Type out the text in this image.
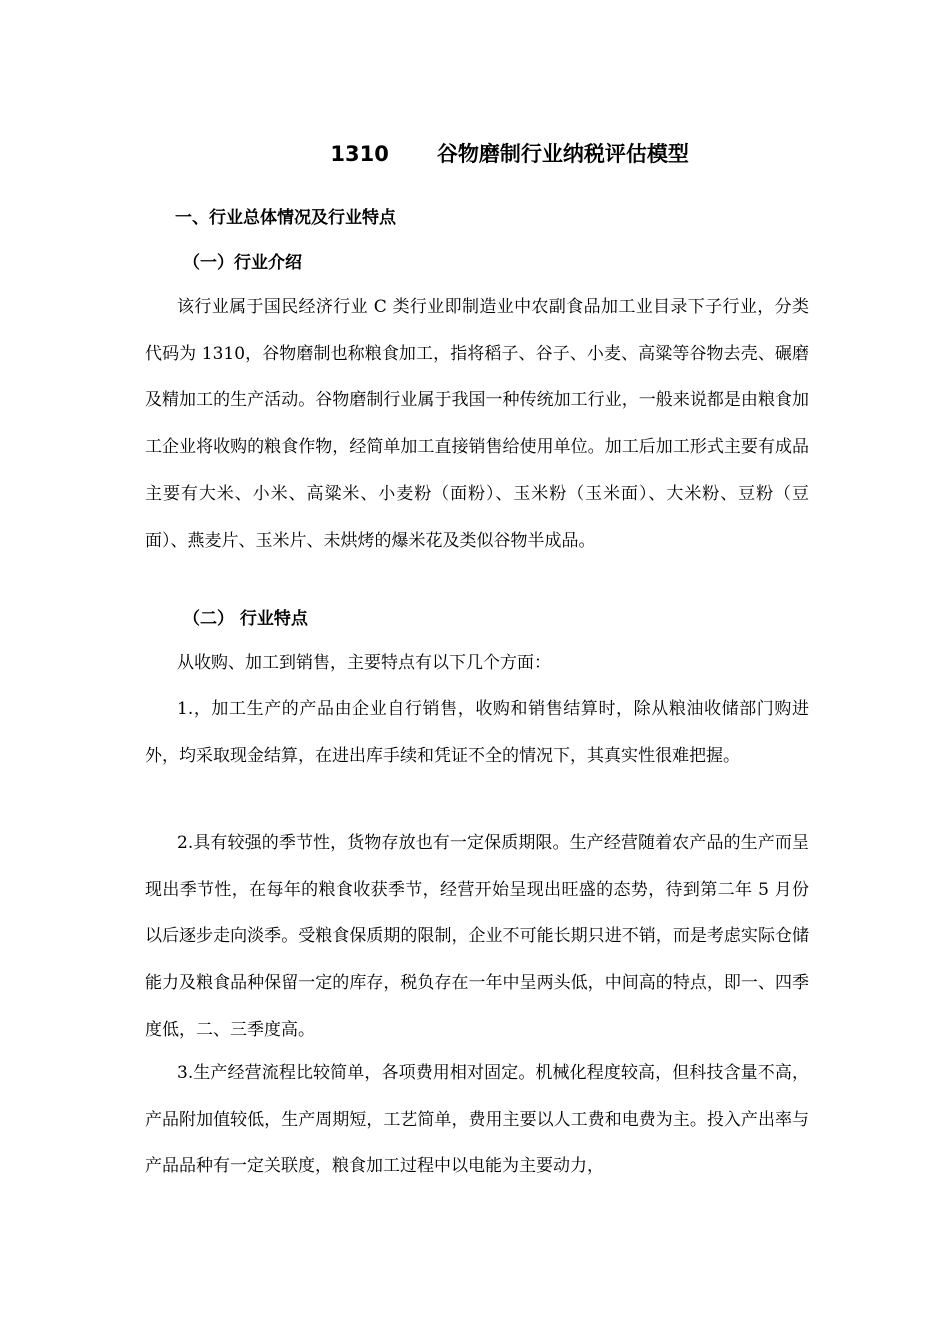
1310 谷物磨制行业纳税评估模型

一、行业总体情况及行业特点
（一）行业介绍

该行业属于国民经济行业 C 类行业即制造业中农副食品加工业目录下子行业，分类代码为 1310，谷物磨制也称粮食加工，指将稻子、谷子、小麦、高粱等谷物去壳、碾磨及精加工的生产活动。谷物磨制行业属于我国一种传统加工行业，一般来说都是由粮食加工企业将收购的粮食作物，经简单加工直接销售给使用单位。加工后加工形式主要有成品主要有大米、小米、高粱米、小麦粉（面粉）、玉米粉（玉米面）、大米粉、豆粉（豆面）、燕麦片、玉米片、未烘烤的爆米花及类似谷物半成品。

（二） 行业特点

从收购、加工到销售，主要特点有以下几个方面：

1.，加工生产的产品由企业自行销售，收购和销售结算时，除从粮油收储部门购进外，均采取现金结算，在进出库手续和凭证不全的情况下，其真实性很难把握。

2.具有较强的季节性，货物存放也有一定保质期限。生产经营随着农产品的生产而呈现出季节性，在每年的粮食收获季节，经营开始呈现出旺盛的态势，待到第二年 5 月份以后逐步走向淡季。受粮食保质期的限制，企业不可能长期只进不销，而是考虑实际仓储能力及粮食品种保留一定的库存，税负存在一年中呈两头低，中间高的特点，即一、四季度低，二、三季度高。

3.生产经营流程比较简单，各项费用相对固定。机械化程度较高，但科技含量不高，产品附加值较低，生产周期短，工艺简单，费用主要以人工费和电费为主。投入产出率与产品品种有一定关联度，粮食加工过程中以电能为主要动力，
